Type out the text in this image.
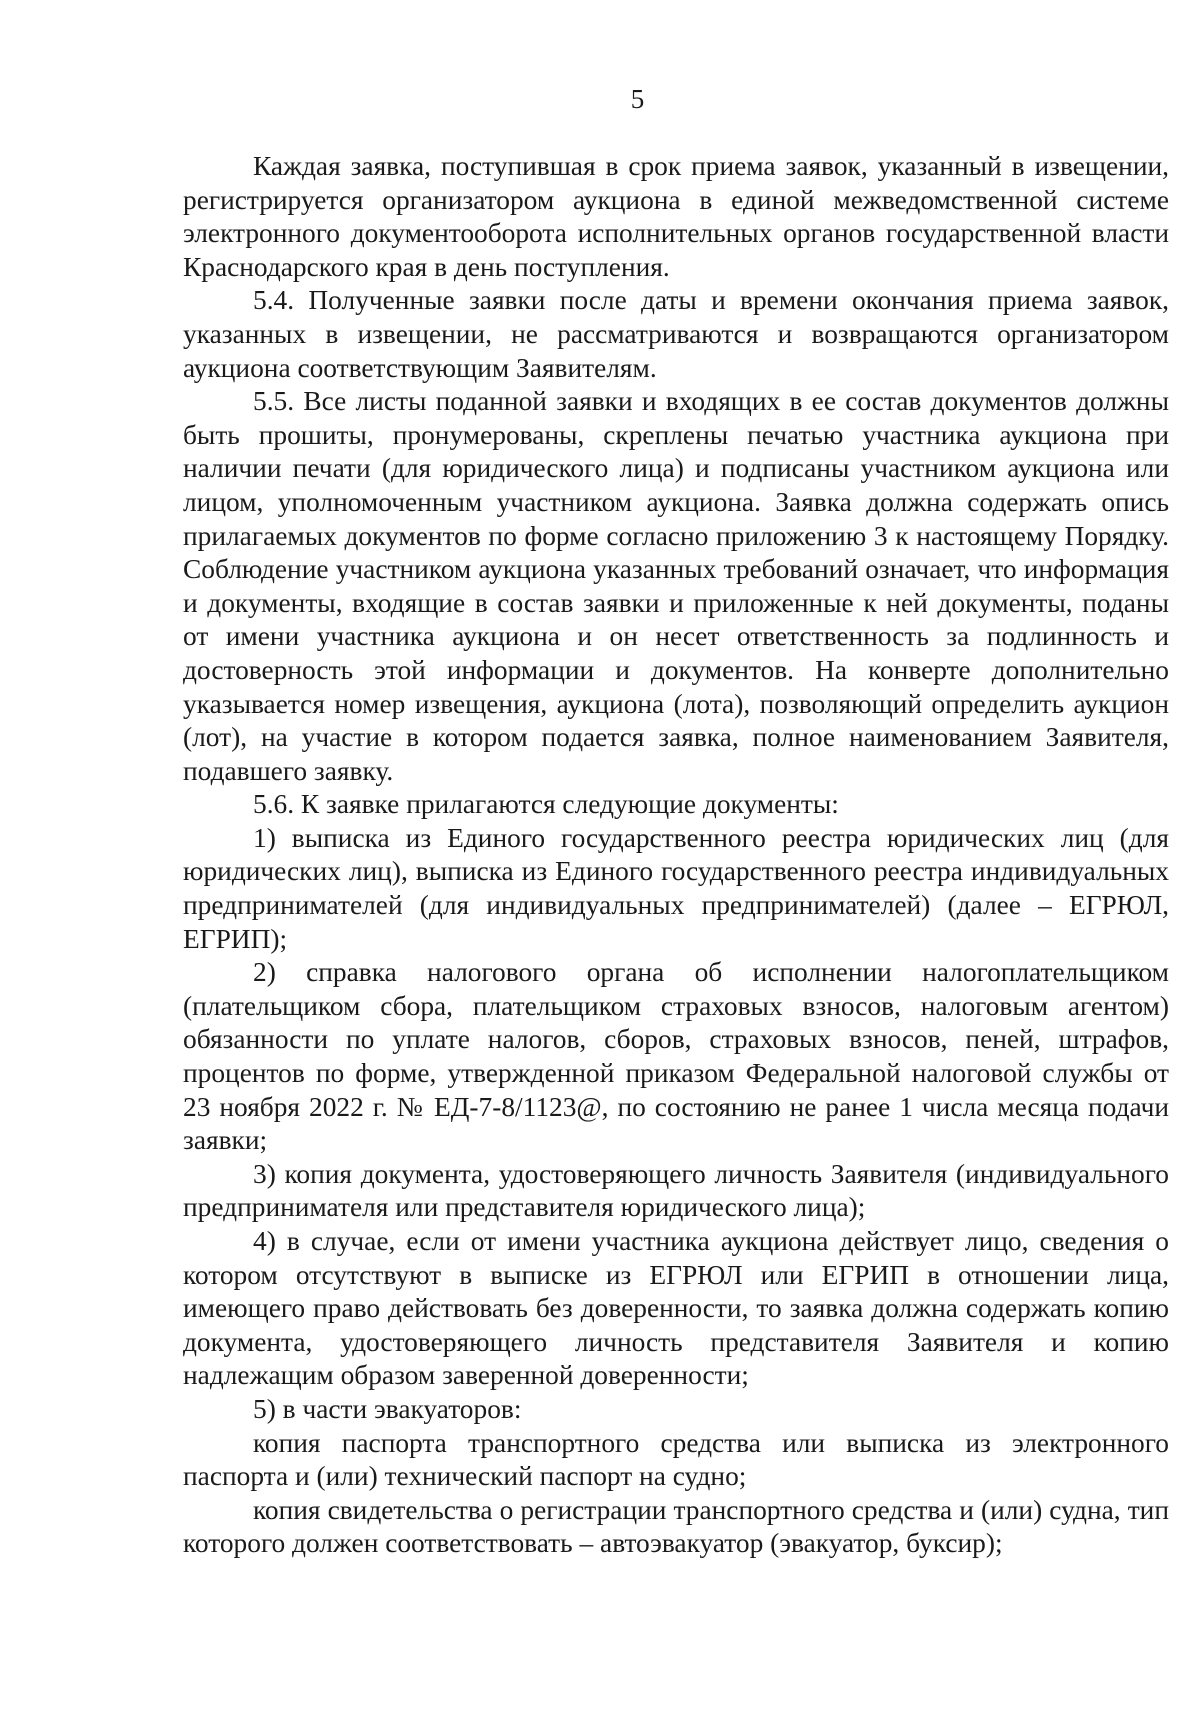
5

Каждая заявка, поступившая в срок приема заявок, указанный в извещении, регистрируется организатором аукциона в единой межведомственной системе электронного документооборота исполнительных органов государственной власти Краснодарского края в день поступления.

5.4. Полученные заявки после даты и времени окончания приема заявок, указанных в извещении, не рассматриваются и возвращаются организатором аукциона соответствующим Заявителям.

5.5. Все листы поданной заявки и входящих в ее состав документов должны быть прошиты, пронумерованы, скреплены печатью участника аукциона при наличии печати (для юридического лица) и подписаны участником аукциона или лицом, уполномоченным участником аукциона. Заявка должна содержать опись прилагаемых документов по форме согласно приложению 3 к настоящему Порядку. Соблюдение участником аукциона указанных требований означает, что информация и документы, входящие в состав заявки и приложенные к ней документы, поданы от имени участника аукциона и он несет ответственность за подлинность и достоверность этой информации и документов. На конверте дополнительно указывается номер извещения, аукциона (лота), позволяющий определить аукцион (лот), на участие в котором подается заявка, полное наименованием Заявителя, подавшего заявку.

5.6. К заявке прилагаются следующие документы:

1) выписка из Единого государственного реестра юридических лиц (для юридических лиц), выписка из Единого государственного реестра индивидуальных предпринимателей (для индивидуальных предпринимателей) (далее – ЕГРЮЛ, ЕГРИП);

2) справка налогового органа об исполнении налогоплательщиком (плательщиком сбора, плательщиком страховых взносов, налоговым агентом) обязанности по уплате налогов, сборов, страховых взносов, пеней, штрафов, процентов по форме, утвержденной приказом Федеральной налоговой службы от 23 ноября 2022 г. № ЕД-7-8/1123@, по состоянию не ранее 1 числа месяца подачи заявки;

3) копия документа, удостоверяющего личность Заявителя (индивидуального предпринимателя или представителя юридического лица);

4) в случае, если от имени участника аукциона действует лицо, сведения о котором отсутствуют в выписке из ЕГРЮЛ или ЕГРИП в отношении лица, имеющего право действовать без доверенности, то заявка должна содержать копию документа, удостоверяющего личность представителя Заявителя и копию надлежащим образом заверенной доверенности;

5) в части эвакуаторов:

копия паспорта транспортного средства или выписка из электронного паспорта и (или) технический паспорт на судно;

копия свидетельства о регистрации транспортного средства и (или) судна, тип которого должен соответствовать – автоэвакуатор (эвакуатор, буксир);
